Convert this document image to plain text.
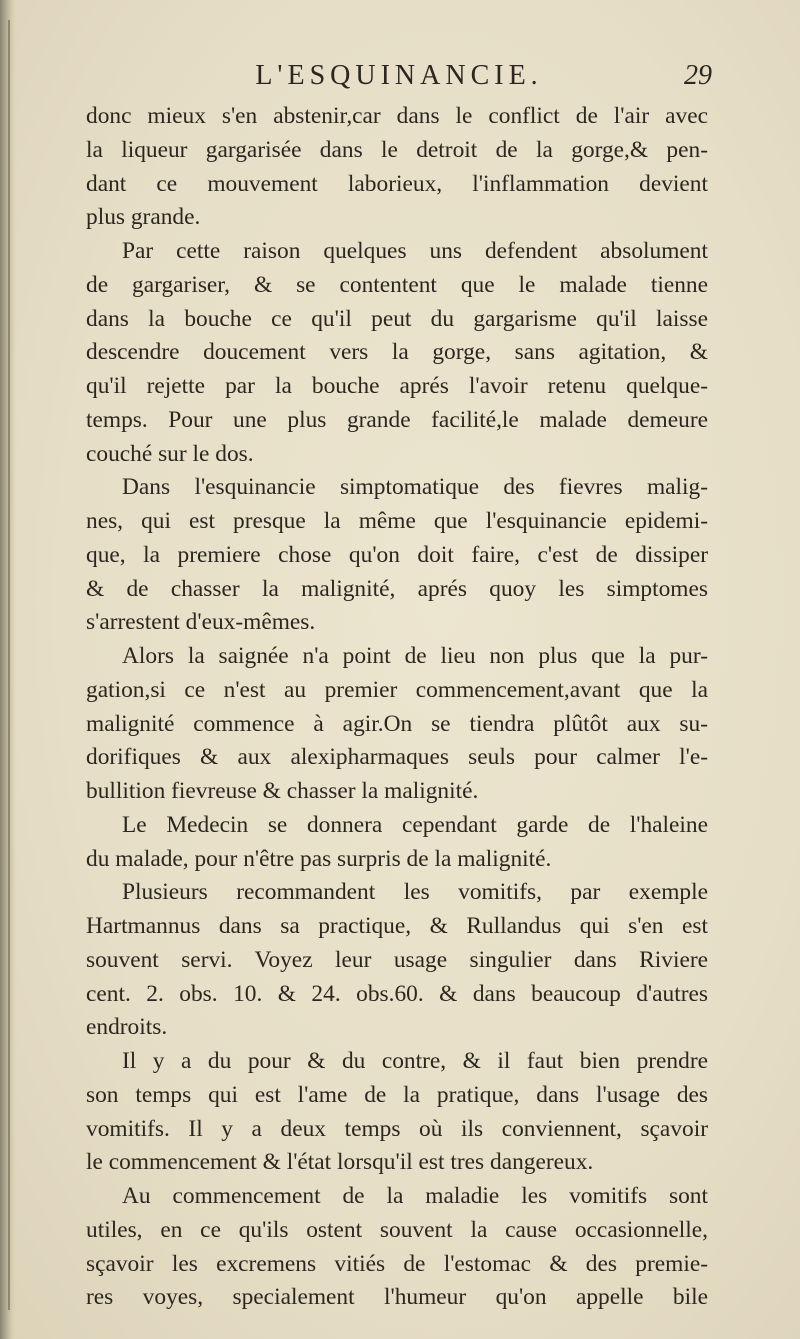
L'ESQUINANCIE.	29
donc mieux s'en abstenir,car dans le conflict de l'air avec
la liqueur gargarisée dans le detroit de la gorge,& pen-
dant ce mouvement laborieux, l'inflammation devient
plus grande.
Par cette raison quelques uns defendent absolument
de gargariser, & se contentent que le malade tienne
dans la bouche ce qu'il peut du gargarisme qu'il laisse
descendre doucement vers la gorge, sans agitation, &
qu'il rejette par la bouche aprés l'avoir retenu quelque-
temps. Pour une plus grande facilité,le malade demeure
couché sur le dos.
Dans l'esquinancie simptomatique des fievres malig-
nes, qui est presque la même que l'esquinancie epidemi-
que, la premiere chose qu'on doit faire, c'est de dissiper
& de chasser la malignité, aprés quoy les simptomes
s'arrestent d'eux-mêmes.
Alors la saignée n'a point de lieu non plus que la pur-
gation,si ce n'est au premier commencement,avant que la
malignité commence à agir.On se tiendra plûtôt aux su-
dorifiques & aux alexipharmaques seuls pour calmer l'e-
bullition fievreuse & chasser la malignité.
Le Medecin se donnera cependant garde de l'haleine
du malade, pour n'être pas surpris de la malignité.
Plusieurs recommandent les vomitifs, par exemple
Hartmannus dans sa practique, & Rullandus qui s'en est
souvent servi. Voyez leur usage singulier dans Riviere
cent. 2. obs. 10. & 24. obs.60. & dans beaucoup d'autres
endroits.
Il y a du pour & du contre, & il faut bien prendre
son temps qui est l'ame de la pratique, dans l'usage des
vomitifs. Il y a deux temps où ils conviennent, sçavoir
le commencement & l'état lorsqu'il est tres dangereux.
Au commencement de la maladie les vomitifs sont
utiles, en ce qu'ils ostent souvent la cause occasionnelle,
sçavoir les excremens vitiés de l'estomac & des premie-
res voyes, specialement l'humeur qu'on appelle bile
